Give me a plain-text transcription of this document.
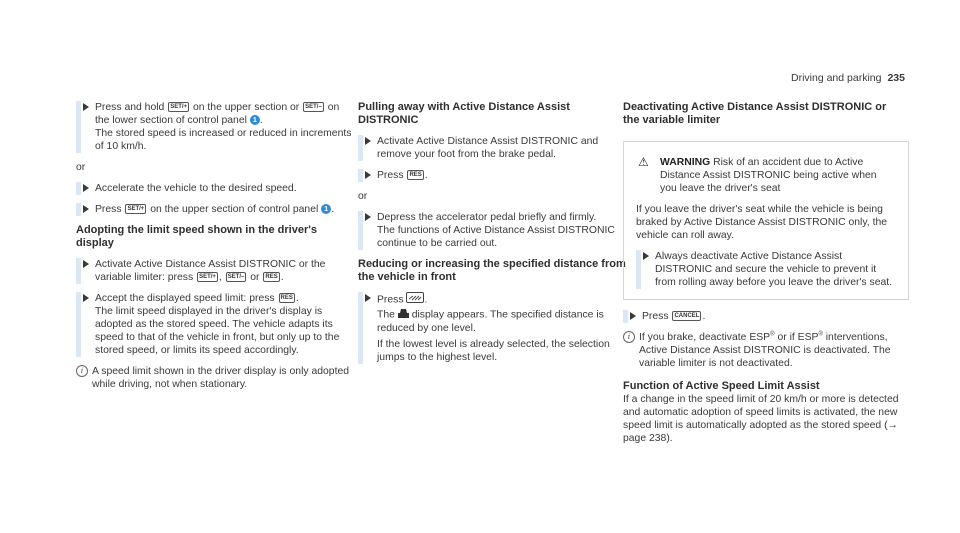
Driving and parking 235

Press and hold SET/+ on the upper section or SET/– on the lower section of control panel 1 .

The stored speed is increased or reduced in increments of 10 km/h.

or

Accelerate the vehicle to the desired speed.

Press SET/+ on the upper section of control panel 1 .

Adopting the limit speed shown in the driver's display

Activate Active Distance Assist DISTRONIC or the variable limiter: press SET/+ , SET/– or RES .

Accept the displayed speed limit: press RES .

The limit speed displayed in the driver's display is adopted as the stored speed. The vehicle adapts its speed to that of the vehicle in front, but only up to the stored speed, or limits its speed accordingly.

i A speed limit shown in the driver display is only adopted while driving, not when stationary.
Pulling away with Active Distance Assist DISTRONIC

Activate Active Distance Assist DISTRONIC and remove your foot from the brake pedal.

Press RES .

or

Depress the accelerator pedal briefly and firmly.

The functions of Active Distance Assist DISTRONIC continue to be carried out.

Reducing or increasing the specified distance from the vehicle in front

Press .

The display appears. The specified distance is reduced by one level.

If the lowest level is already selected, the selection jumps to the highest level.

Deactivating Active Distance Assist DISTRONIC or the variable limiter
⚠ WARNING Risk of an accident due to Active Distance Assist DISTRONIC being active when you leave the driver's seat

If you leave the driver's seat while the vehicle is being braked by Active Distance Assist DISTRONIC only, the vehicle can roll away.

Always deactivate Active Distance Assist DISTRONIC and secure the vehicle to prevent it from rolling away before you leave the driver's seat.

Press CANCEL .

i If you brake, deactivate ESP® or if ESP® interventions, Active Distance Assist DISTRONIC is deactivated. The variable limiter is not deactivated.
Function of Active Speed Limit Assist

If a change in the speed limit of 20 km/h or more is detected and automatic adoption of speed limits is activated, the new speed limit is automatically adopted as the stored speed (→ page 238).
